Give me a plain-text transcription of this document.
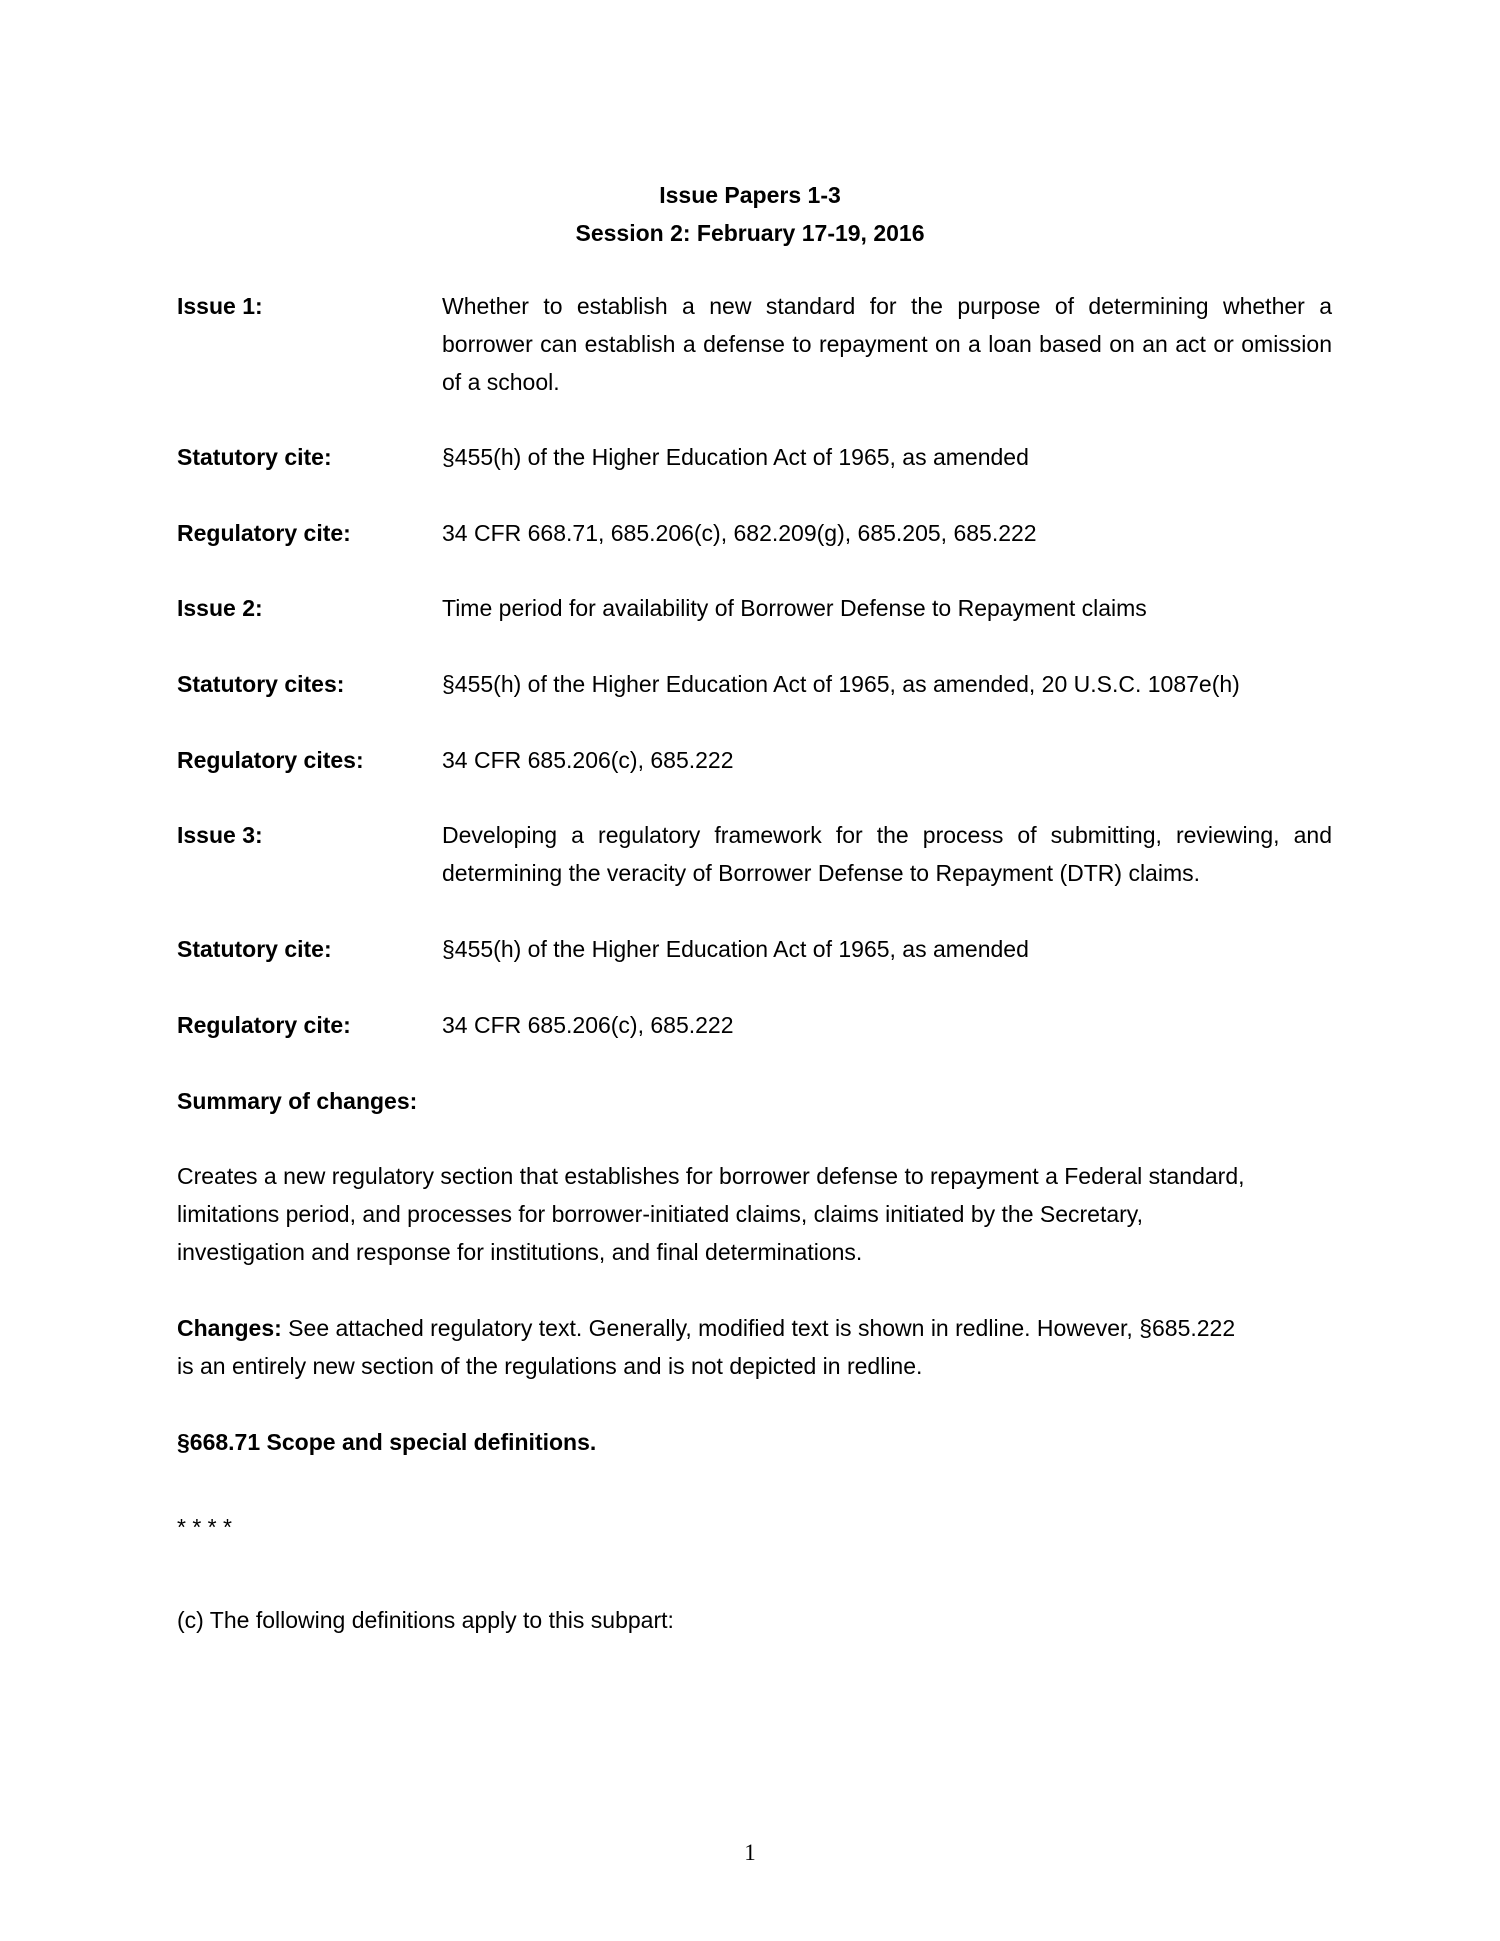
Issue Papers 1-3
Session 2: February 17-19, 2016
Issue 1:	Whether to establish a new standard for the purpose of determining whether a borrower can establish a defense to repayment on a loan based on an act or omission of a school.
Statutory cite:	§455(h) of the Higher Education Act of 1965, as amended
Regulatory cite:	34 CFR 668.71, 685.206(c), 682.209(g), 685.205, 685.222
Issue 2:	Time period for availability of Borrower Defense to Repayment claims
Statutory cites:	§455(h) of the Higher Education Act of 1965, as amended, 20 U.S.C. 1087e(h)
Regulatory cites:	34 CFR 685.206(c), 685.222
Issue 3:	Developing a regulatory framework for the process of submitting, reviewing, and determining the veracity of Borrower Defense to Repayment (DTR) claims.
Statutory cite:	§455(h) of the Higher Education Act of 1965, as amended
Regulatory cite:	34 CFR 685.206(c), 685.222
Summary of changes:
Creates a new regulatory section that establishes for borrower defense to repayment a Federal standard, limitations period, and processes for borrower-initiated claims, claims initiated by the Secretary, investigation and response for institutions, and final determinations.
Changes: See attached regulatory text. Generally, modified text is shown in redline. However, §685.222 is an entirely new section of the regulations and is not depicted in redline.
§668.71 Scope and special definitions.
* * * *
(c) The following definitions apply to this subpart:
1
